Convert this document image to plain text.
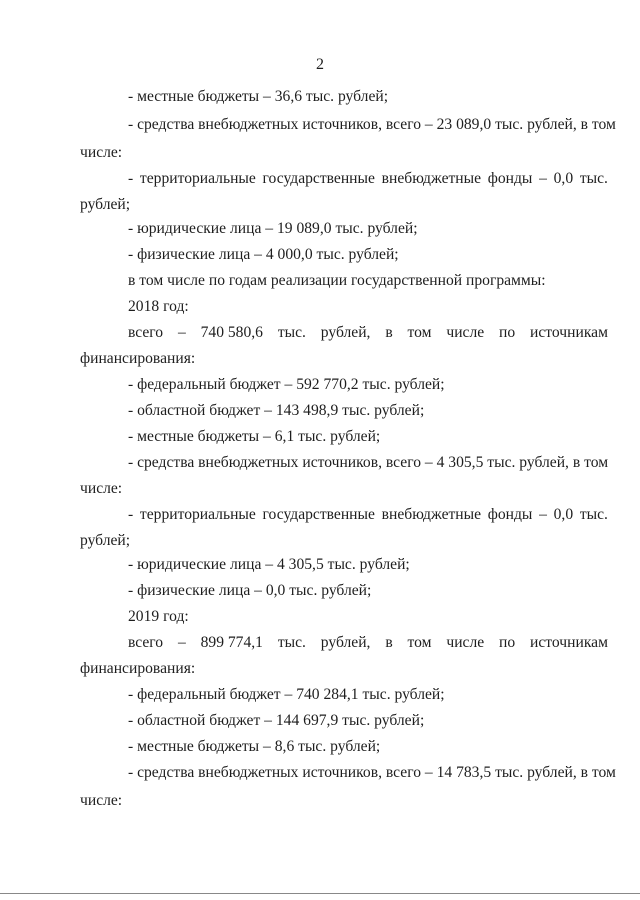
2
- местные бюджеты – 36,6 тыс. рублей;
- средства внебюджетных источников, всего – 23 089,0 тыс. рублей, в том
числе:
- территориальные государственные внебюджетные фонды – 0,0 тыс.
рублей;
- юридические лица – 19 089,0 тыс. рублей;
- физические лица – 4 000,0 тыс. рублей;
в том числе по годам реализации государственной программы:
2018 год:
всего – 740 580,6 тыс. рублей, в том числе по источникам
финансирования:
- федеральный бюджет – 592 770,2 тыс. рублей;
- областной бюджет – 143 498,9 тыс. рублей;
- местные бюджеты – 6,1 тыс. рублей;
- средства внебюджетных источников, всего – 4 305,5 тыс. рублей, в том
числе:
- территориальные государственные внебюджетные фонды – 0,0 тыс.
рублей;
- юридические лица – 4 305,5 тыс. рублей;
- физические лица – 0,0 тыс. рублей;
2019 год:
всего – 899 774,1 тыс. рублей, в том числе по источникам
финансирования:
- федеральный бюджет – 740 284,1 тыс. рублей;
- областной бюджет – 144 697,9 тыс. рублей;
- местные бюджеты – 8,6 тыс. рублей;
- средства внебюджетных источников, всего – 14 783,5 тыс. рублей, в том
числе:
